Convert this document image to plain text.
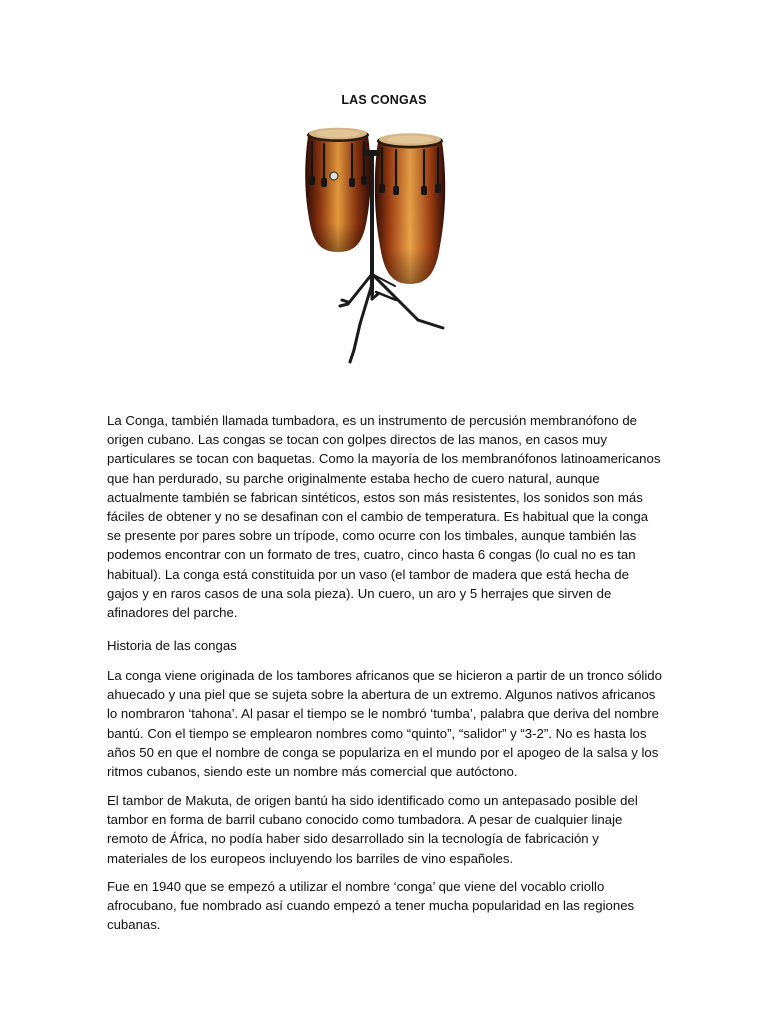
LAS CONGAS

La Conga, también llamada tumbadora, es un instrumento de percusión membranófono de origen cubano. Las congas se tocan con golpes directos de las manos, en casos muy particulares se tocan con baquetas. Como la mayoría de los membranófonos latinoamericanos que han perdurado, su parche originalmente estaba hecho de cuero natural, aunque actualmente también se fabrican sintéticos, estos son más resistentes, los sonidos son más fáciles de obtener y no se desafinan con el cambio de temperatura. Es habitual que la conga se presente por pares sobre un trípode, como ocurre con los timbales, aunque también las podemos encontrar con un formato de tres, cuatro, cinco hasta 6 congas (lo cual no es tan habitual). La conga está constituida por un vaso (el tambor de madera que está hecha de gajos y en raros casos de una sola pieza). Un cuero, un aro y 5 herrajes que sirven de afinadores del parche.

Historia de las congas

La conga viene originada de los tambores africanos que se hicieron a partir de un tronco sólido ahuecado y una piel que se sujeta sobre la abertura de un extremo. Algunos nativos africanos lo nombraron ‘tahona’. Al pasar el tiempo se le nombró ‘tumba’, palabra que deriva del nombre bantú. Con el tiempo se emplearon nombres como “quinto”, “salidor” y “3-2”. No es hasta los años 50 en que el nombre de conga se populariza en el mundo por el apogeo de la salsa y los ritmos cubanos, siendo este un nombre más comercial que autóctono.

El tambor de Makuta, de origen bantú ha sido identificado como un antepasado posible del tambor en forma de barril cubano conocido como tumbadora. A pesar de cualquier linaje remoto de África, no podía haber sido desarrollado sin la tecnología de fabricación y materiales de los europeos incluyendo los barriles de vino españoles.

Fue en 1940 que se empezó a utilizar el nombre ‘conga’ que viene del vocablo criollo afrocubano, fue nombrado así cuando empezó a tener mucha popularidad en las regiones cubanas.
